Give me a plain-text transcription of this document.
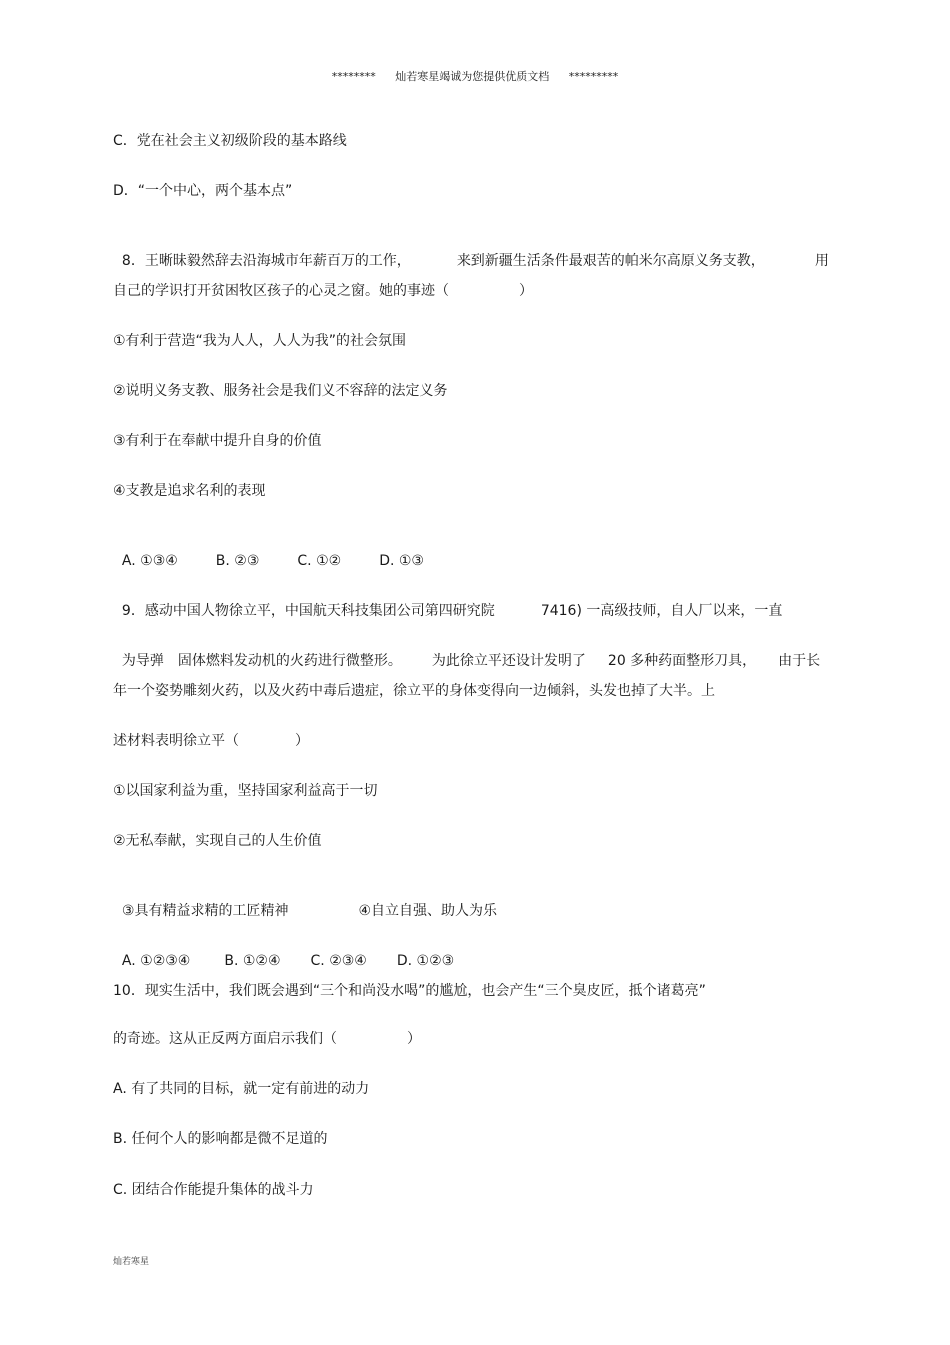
******** 灿若寒星竭诚为您提供优质文档 *********
C．党在社会主义初级阶段的基本路线
D．“一个中心，两个基本点”

8．王晰昧毅然辞去沿海城市年薪百万的工作，	来到新疆生活条件最艰苦的帕米尔高原义务支教，	用

自己的学识打开贫困牧区孩子的心灵之窗。她的事迹（　　　　　）
①有利于营造“我为人人，人人为我”的社会氛围
②说明义务支教、服务社会是我们义不容辞的法定义务
③有利于在奉献中提升自身的价值
④支教是追求名利的表现

A. ①③④	B. ②③	C. ①②	D. ①③

9．感动中国人物徐立平，中国航天科技集团公司第四研究院	7416) 一高级技师，自人厂以来，一直

为导弹　固体燃料发动机的火药进行微整形。 为此徐立平还设计发明了 20 多种药面整形刀具， 由于长

年一个姿势雕刻火药，以及火药中毒后遗症，徐立平的身体变得向一边倾斜，头发也掉了大半。上
述材料表明徐立平（　　　　）
①以国家利益为重，坚持国家利益高于一切
②无私奉献，实现自己的人生价值

③具有精益求精的工匠精神	④自立自强、助人为乐

A. ①②③④ B. ①②④ C. ②③④ D. ①②③

10．现实生活中，我们既会遇到“三个和尚没水喝”的尴尬，也会产生“三个臭皮匠，抵个诸葛亮”
的奇迹。这从正反两方面启示我们（　　　　　）
A. 有了共同的目标，就一定有前进的动力
B. 任何个人的影响都是微不足道的
C. 团结合作能提升集体的战斗力
灿若寒星
